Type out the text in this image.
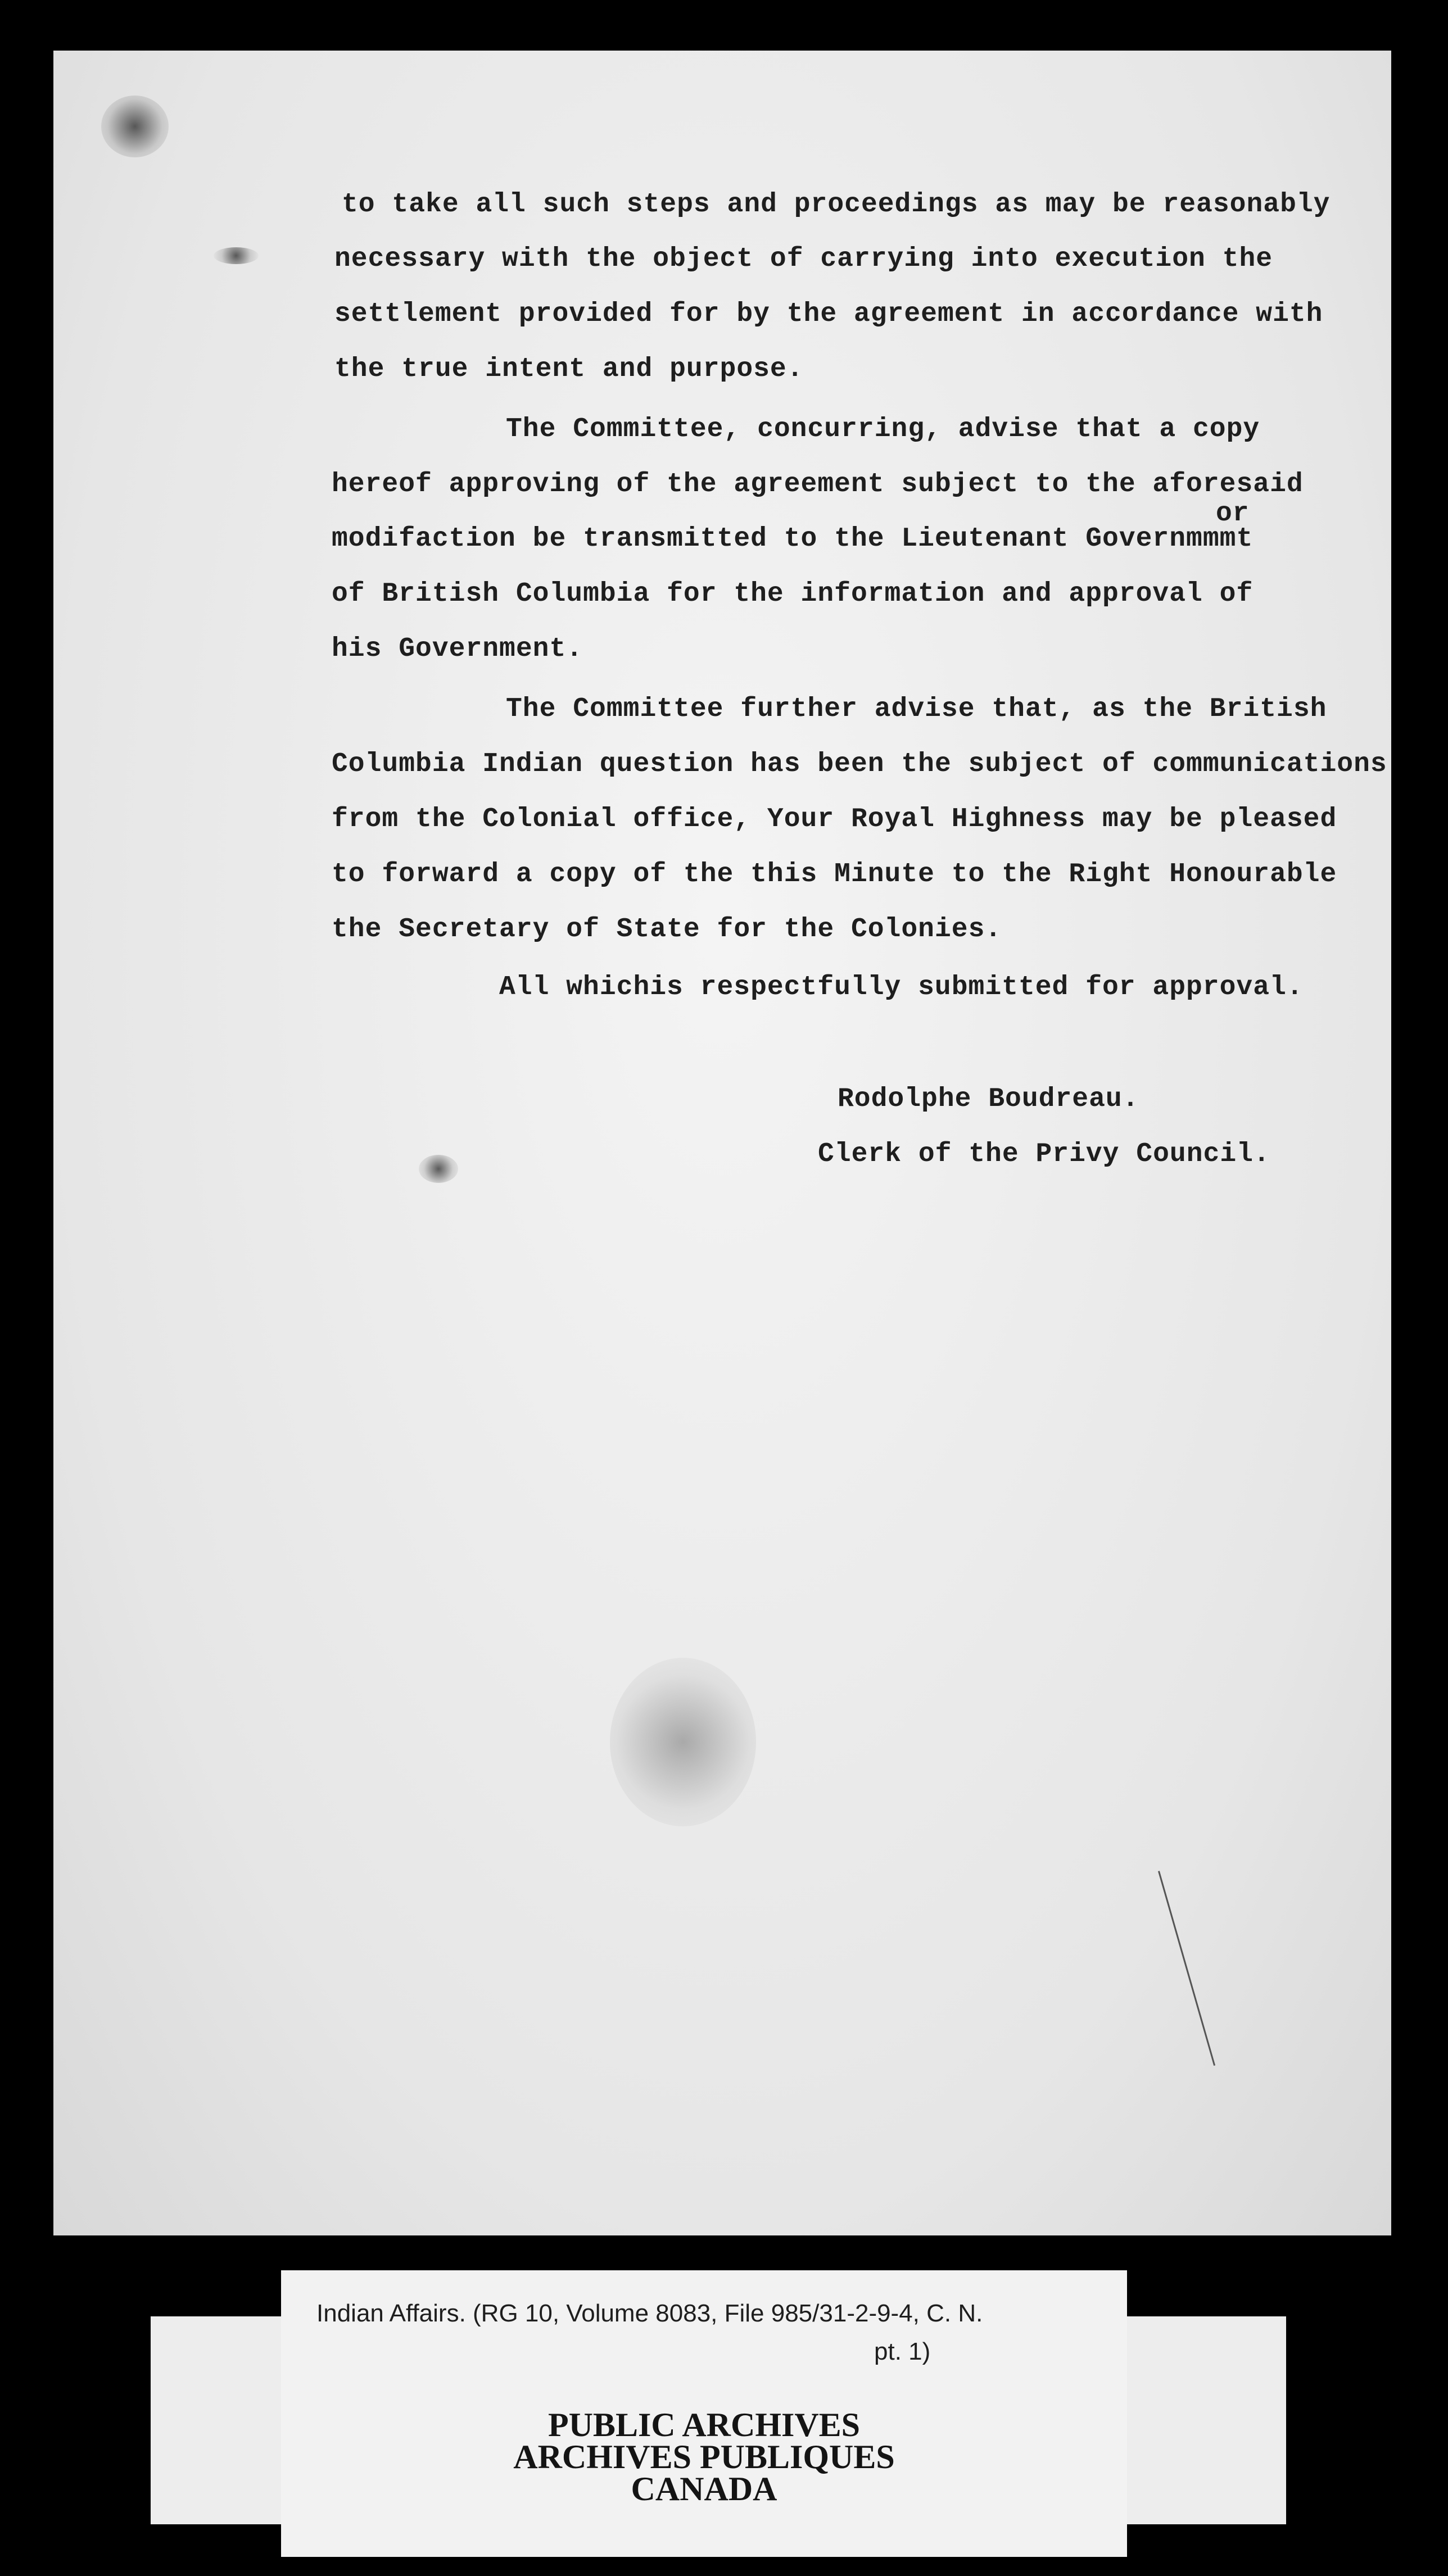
to take all such steps and proceedings as may be reasonably
necessary with the object of carrying into execution the
settlement provided for by the agreement in accordance with
the true intent and purpose.
The Committee, concurring, advise that a copy
hereof approving of the agreement subject to the aforesaid
or
modifaction be transmitted to the Lieutenant Governmmmt
of British Columbia for the information and approval of
his Government.
The Committee further advise that, as the British
Columbia Indian question has been the subject of communications
from the Colonial office, Your Royal Highness may be pleased
to forward a copy of the this Minute to the Right Honourable
the Secretary of State for the Colonies.
All whichis respectfully submitted for approval.
Rodolphe Boudreau.
Clerk of the Privy Council.
Indian Affairs. (RG 10, Volume 8083, File 985/31-2-9-4, C. N.
pt. 1)
PUBLIC ARCHIVES
ARCHIVES PUBLIQUES
CANADA
